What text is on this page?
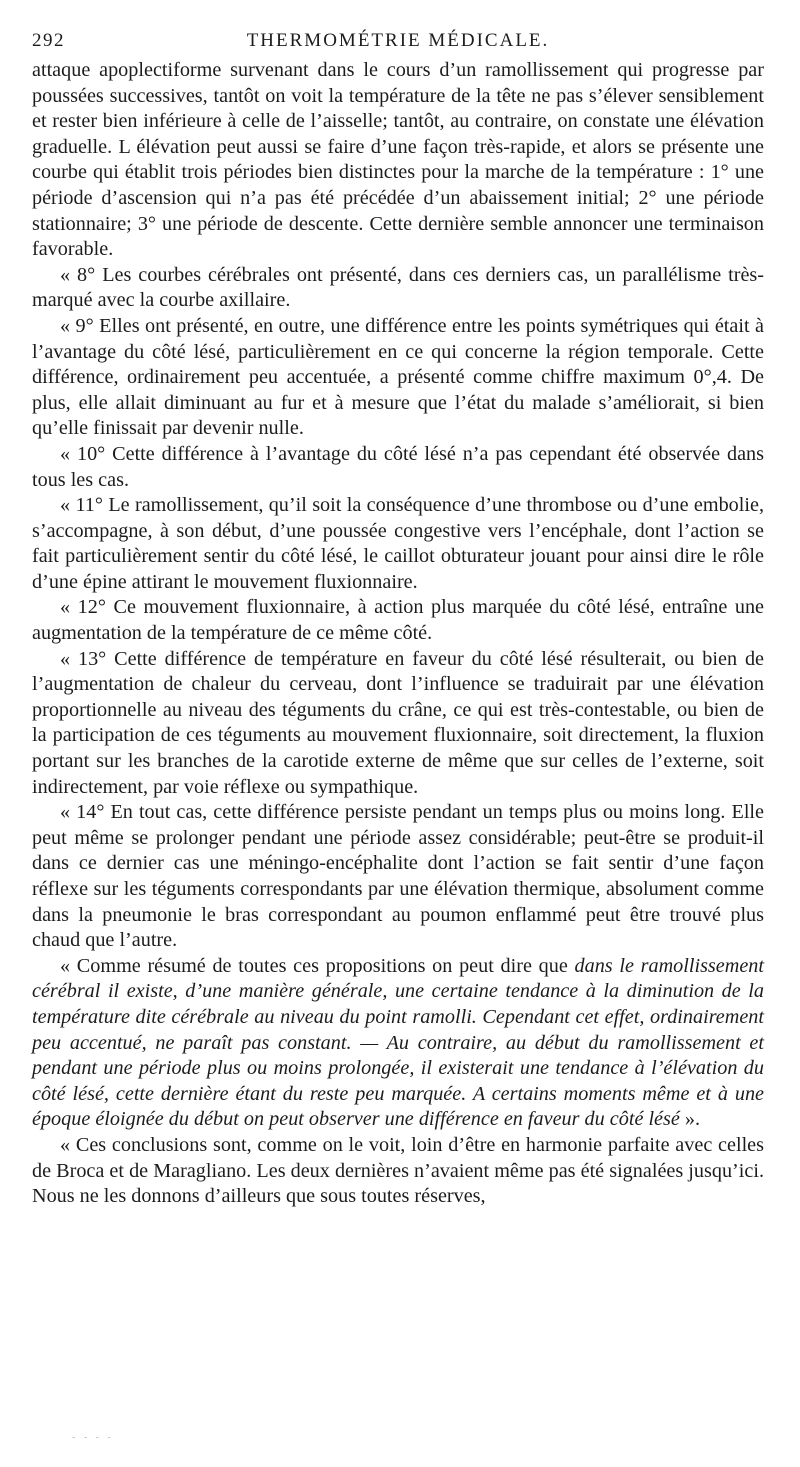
292	THERMOMÉTRIE MÉDICALE.

attaque apoplectiforme survenant dans le cours d’un ramollissement qui progresse par poussées successives, tantôt on voit la température de la tête ne pas s’élever sensiblement et rester bien inférieure à celle de l’aisselle; tantôt, au contraire, on constate une élévation graduelle. L élévation peut aussi se faire d’une façon très-rapide, et alors se présente une courbe qui établit trois périodes bien distinctes pour la marche de la température : 1° une période d’ascension qui n’a pas été précédée d’un abaissement initial; 2° une période stationnaire; 3° une période de descente. Cette dernière semble annoncer une terminaison favorable.

« 8° Les courbes cérébrales ont présenté, dans ces derniers cas, un parallélisme très-marqué avec la courbe axillaire.

« 9° Elles ont présenté, en outre, une différence entre les points symétriques qui était à l’avantage du côté lésé, particulièrement en ce qui concerne la région temporale. Cette différence, ordinairement peu accentuée, a présenté comme chiffre maximum 0°,4. De plus, elle allait diminuant au fur et à mesure que l’état du malade s’améliorait, si bien qu’elle finissait par devenir nulle.

« 10° Cette différence à l’avantage du côté lésé n’a pas cependant été observée dans tous les cas.

« 11° Le ramollissement, qu’il soit la conséquence d’une thrombose ou d’une embolie, s’accompagne, à son début, d’une poussée congestive vers l’encéphale, dont l’action se fait particulièrement sentir du côté lésé, le caillot obturateur jouant pour ainsi dire le rôle d’une épine attirant le mouvement fluxionnaire.

« 12° Ce mouvement fluxionnaire, à action plus marquée du côté lésé, entraîne une augmentation de la température de ce même côté.

« 13° Cette différence de température en faveur du côté lésé résulterait, ou bien de l’augmentation de chaleur du cerveau, dont l’influence se traduirait par une élévation proportionnelle au niveau des téguments du crâne, ce qui est très-contestable, ou bien de la participation de ces téguments au mouvement fluxionnaire, soit directement, la fluxion portant sur les branches de la carotide externe de même que sur celles de l’externe, soit indirectement, par voie réflexe ou sympathique.

« 14° En tout cas, cette différence persiste pendant un temps plus ou moins long. Elle peut même se prolonger pendant une période assez considérable; peut-être se produit-il dans ce dernier cas une méningo-encéphalite dont l’action se fait sentir d’une façon réflexe sur les téguments correspondants par une élévation thermique, absolument comme dans la pneumonie le bras correspondant au poumon enflammé peut être trouvé plus chaud que l’autre.

« Comme résumé de toutes ces propositions on peut dire que dans le ramollissement cérébral il existe, d’une manière générale, une certaine tendance à la diminution de la température dite cérébrale au niveau du point ramolli. Cependant cet effet, ordinairement peu accentué, ne paraît pas constant. — Au contraire, au début du ramollissement et pendant une période plus ou moins prolongée, il existerait une tendance à l’élévation du côté lésé, cette dernière étant du reste peu marquée. A certains moments même et à une époque éloignée du début on peut observer une différence en faveur du côté lésé ».

« Ces conclusions sont, comme on le voit, loin d’être en harmonie parfaite avec celles de Broca et de Maragliano. Les deux dernières n’avaient même pas été signalées jusqu’ici. Nous ne les donnons d’ailleurs que sous toutes réserves,

- - - -
